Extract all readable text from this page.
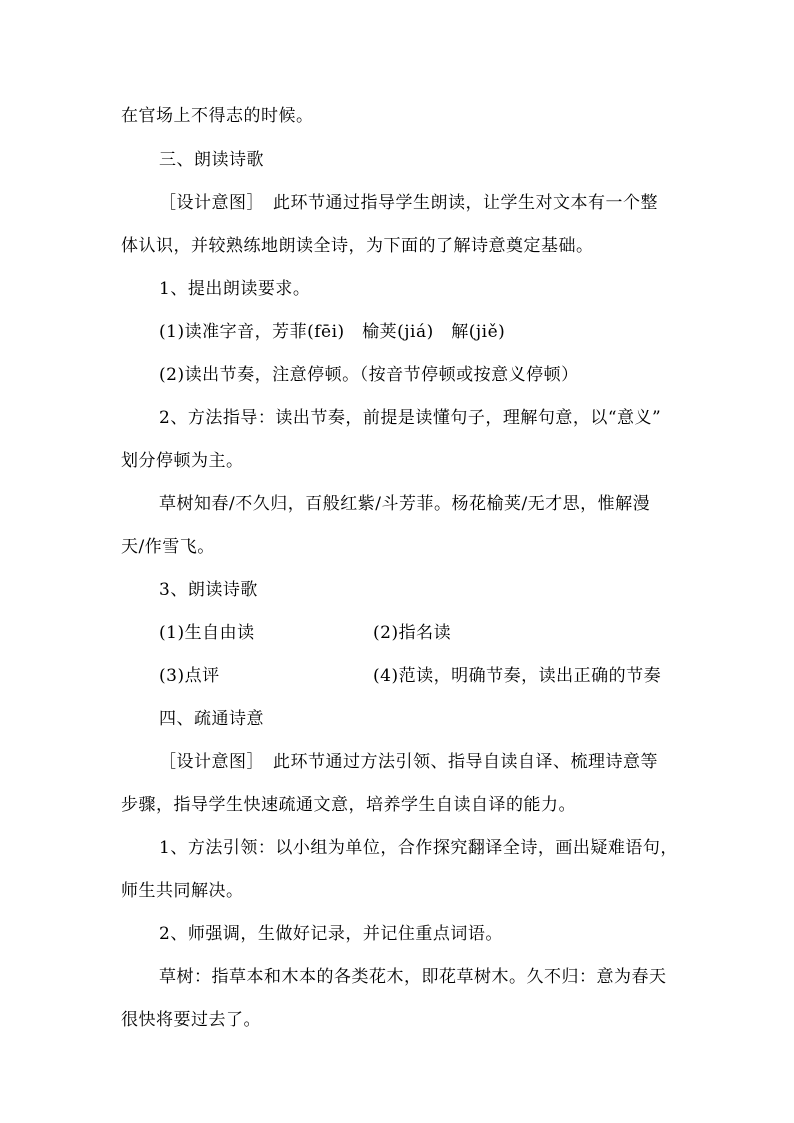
在官场上不得志的时候。
三、朗读诗歌
［设计意图］　此环节通过指导学生朗读，让学生对文本有一个整
体认识，并较熟练地朗读全诗，为下面的了解诗意奠定基础。
1、提出朗读要求。
(1)读准字音，芳菲(fēi)　榆荚(jiá)　解(jiě)
(2)读出节奏，注意停顿。（按音节停顿或按意义停顿）
2、方法指导：读出节奏，前提是读懂句子，理解句意，以“意义”
划分停顿为主。
草树知春/不久归，百般红紫/斗芳菲。杨花榆荚/无才思，惟解漫
天/作雪飞。
3、朗读诗歌
(1)生自由读	(2)指名读
(3)点评	(4)范读，明确节奏，读出正确的节奏
四、疏通诗意
［设计意图］　此环节通过方法引领、指导自读自译、梳理诗意等
步骤，指导学生快速疏通文意，培养学生自读自译的能力。
1、方法引领：以小组为单位，合作探究翻译全诗，画出疑难语句，
师生共同解决。
2、师强调，生做好记录，并记住重点词语。
草树：指草本和木本的各类花木，即花草树木。久不归：意为春天
很快将要过去了。
